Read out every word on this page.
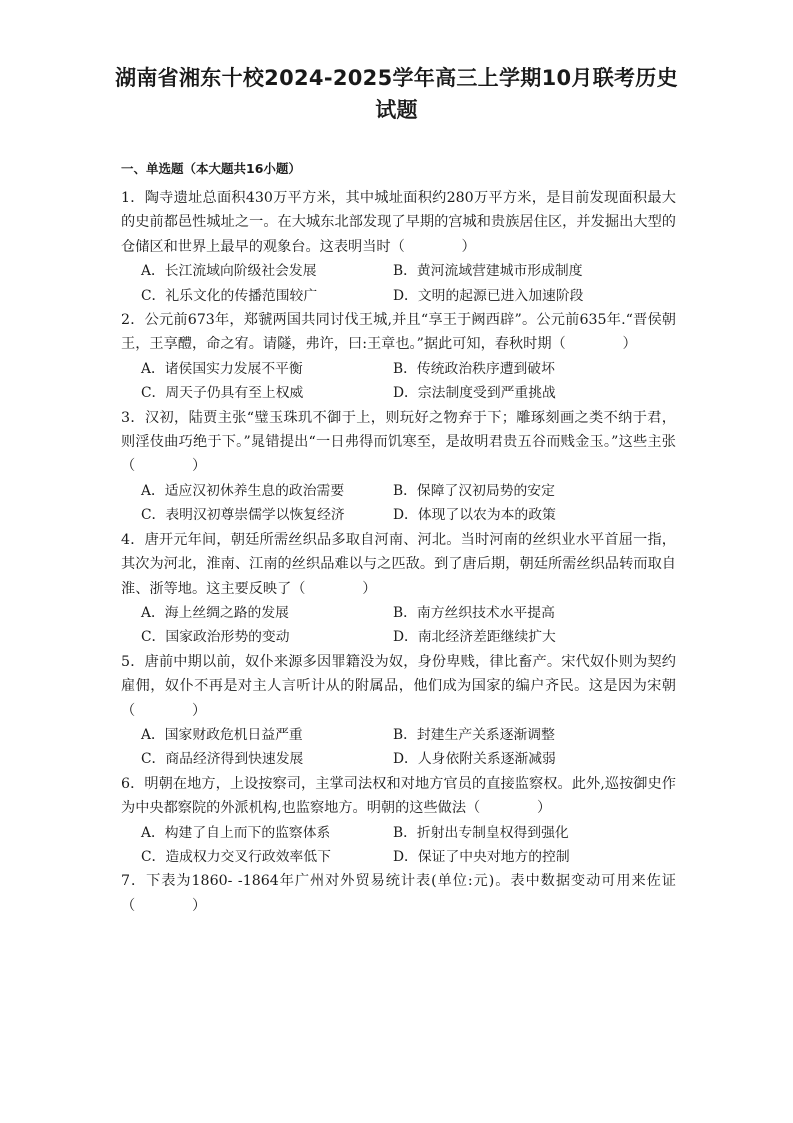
湖南省湘东十校2024-2025学年高三上学期10月联考历史
试题
一、单选题（本大题共16小题）
1．陶寺遗址总面积430万平方米，其中城址面积约280万平方米，是目前发现面积最大的史前都邑性城址之一。在大城东北部发现了早期的宫城和贵族居住区，并发掘出大型的仓储区和世界上最早的观象台。这表明当时（　　　　）
A．长江流域向阶级社会发展	B．黄河流域营建城市形成制度
C．礼乐文化的传播范围较广	D．文明的起源已进入加速阶段
2．公元前673年，郑虢两国共同讨伐王城,并且“享王于阙西辟”。公元前635年.“晋侯朝王，王享醴，命之宥。请隧，弗许，曰:王章也。”据此可知，春秋时期（　　　　）
A．诸侯国实力发展不平衡	B．传统政治秩序遭到破坏
C．周天子仍具有至上权威	D．宗法制度受到严重挑战
3．汉初，陆贾主张“璧玉珠玑不御于上，则玩好之物弃于下；雕琢刻画之类不纳于君，则淫伎曲巧绝于下。”晁错提出“一日弗得而饥寒至，是故明君贵五谷而贱金玉。”这些主张（　　　　）
A．适应汉初休养生息的政治需要	B．保障了汉初局势的安定
C．表明汉初尊崇儒学以恢复经济	D．体现了以农为本的政策
4．唐开元年间，朝廷所需丝织品多取自河南、河北。当时河南的丝织业水平首屈一指，其次为河北，淮南、江南的丝织品难以与之匹敌。到了唐后期，朝廷所需丝织品转而取自淮、浙等地。这主要反映了（　　　　）
A．海上丝绸之路的发展	B．南方丝织技术水平提高
C．国家政治形势的变动	D．南北经济差距继续扩大
5．唐前中期以前，奴仆来源多因罪籍没为奴，身份卑贱，律比畜产。宋代奴仆则为契约雇佣，奴仆不再是对主人言听计从的附属品，他们成为国家的编户齐民。这是因为宋朝（　　　　）
A．国家财政危机日益严重	B．封建生产关系逐渐调整
C．商品经济得到快速发展	D．人身依附关系逐渐减弱
6．明朝在地方，上设按察司，主掌司法权和对地方官员的直接监察权。此外,巡按御史作为中央都察院的外派机构,也监察地方。明朝的这些做法（　　　　）
A．构建了自上而下的监察体系	B．折射出专制皇权得到强化
C．造成权力交叉行政效率低下	D．保证了中央对地方的控制
7．下表为1860- -1864年广州对外贸易统计表(单位:元)。表中数据变动可用来佐证（　　　　）
